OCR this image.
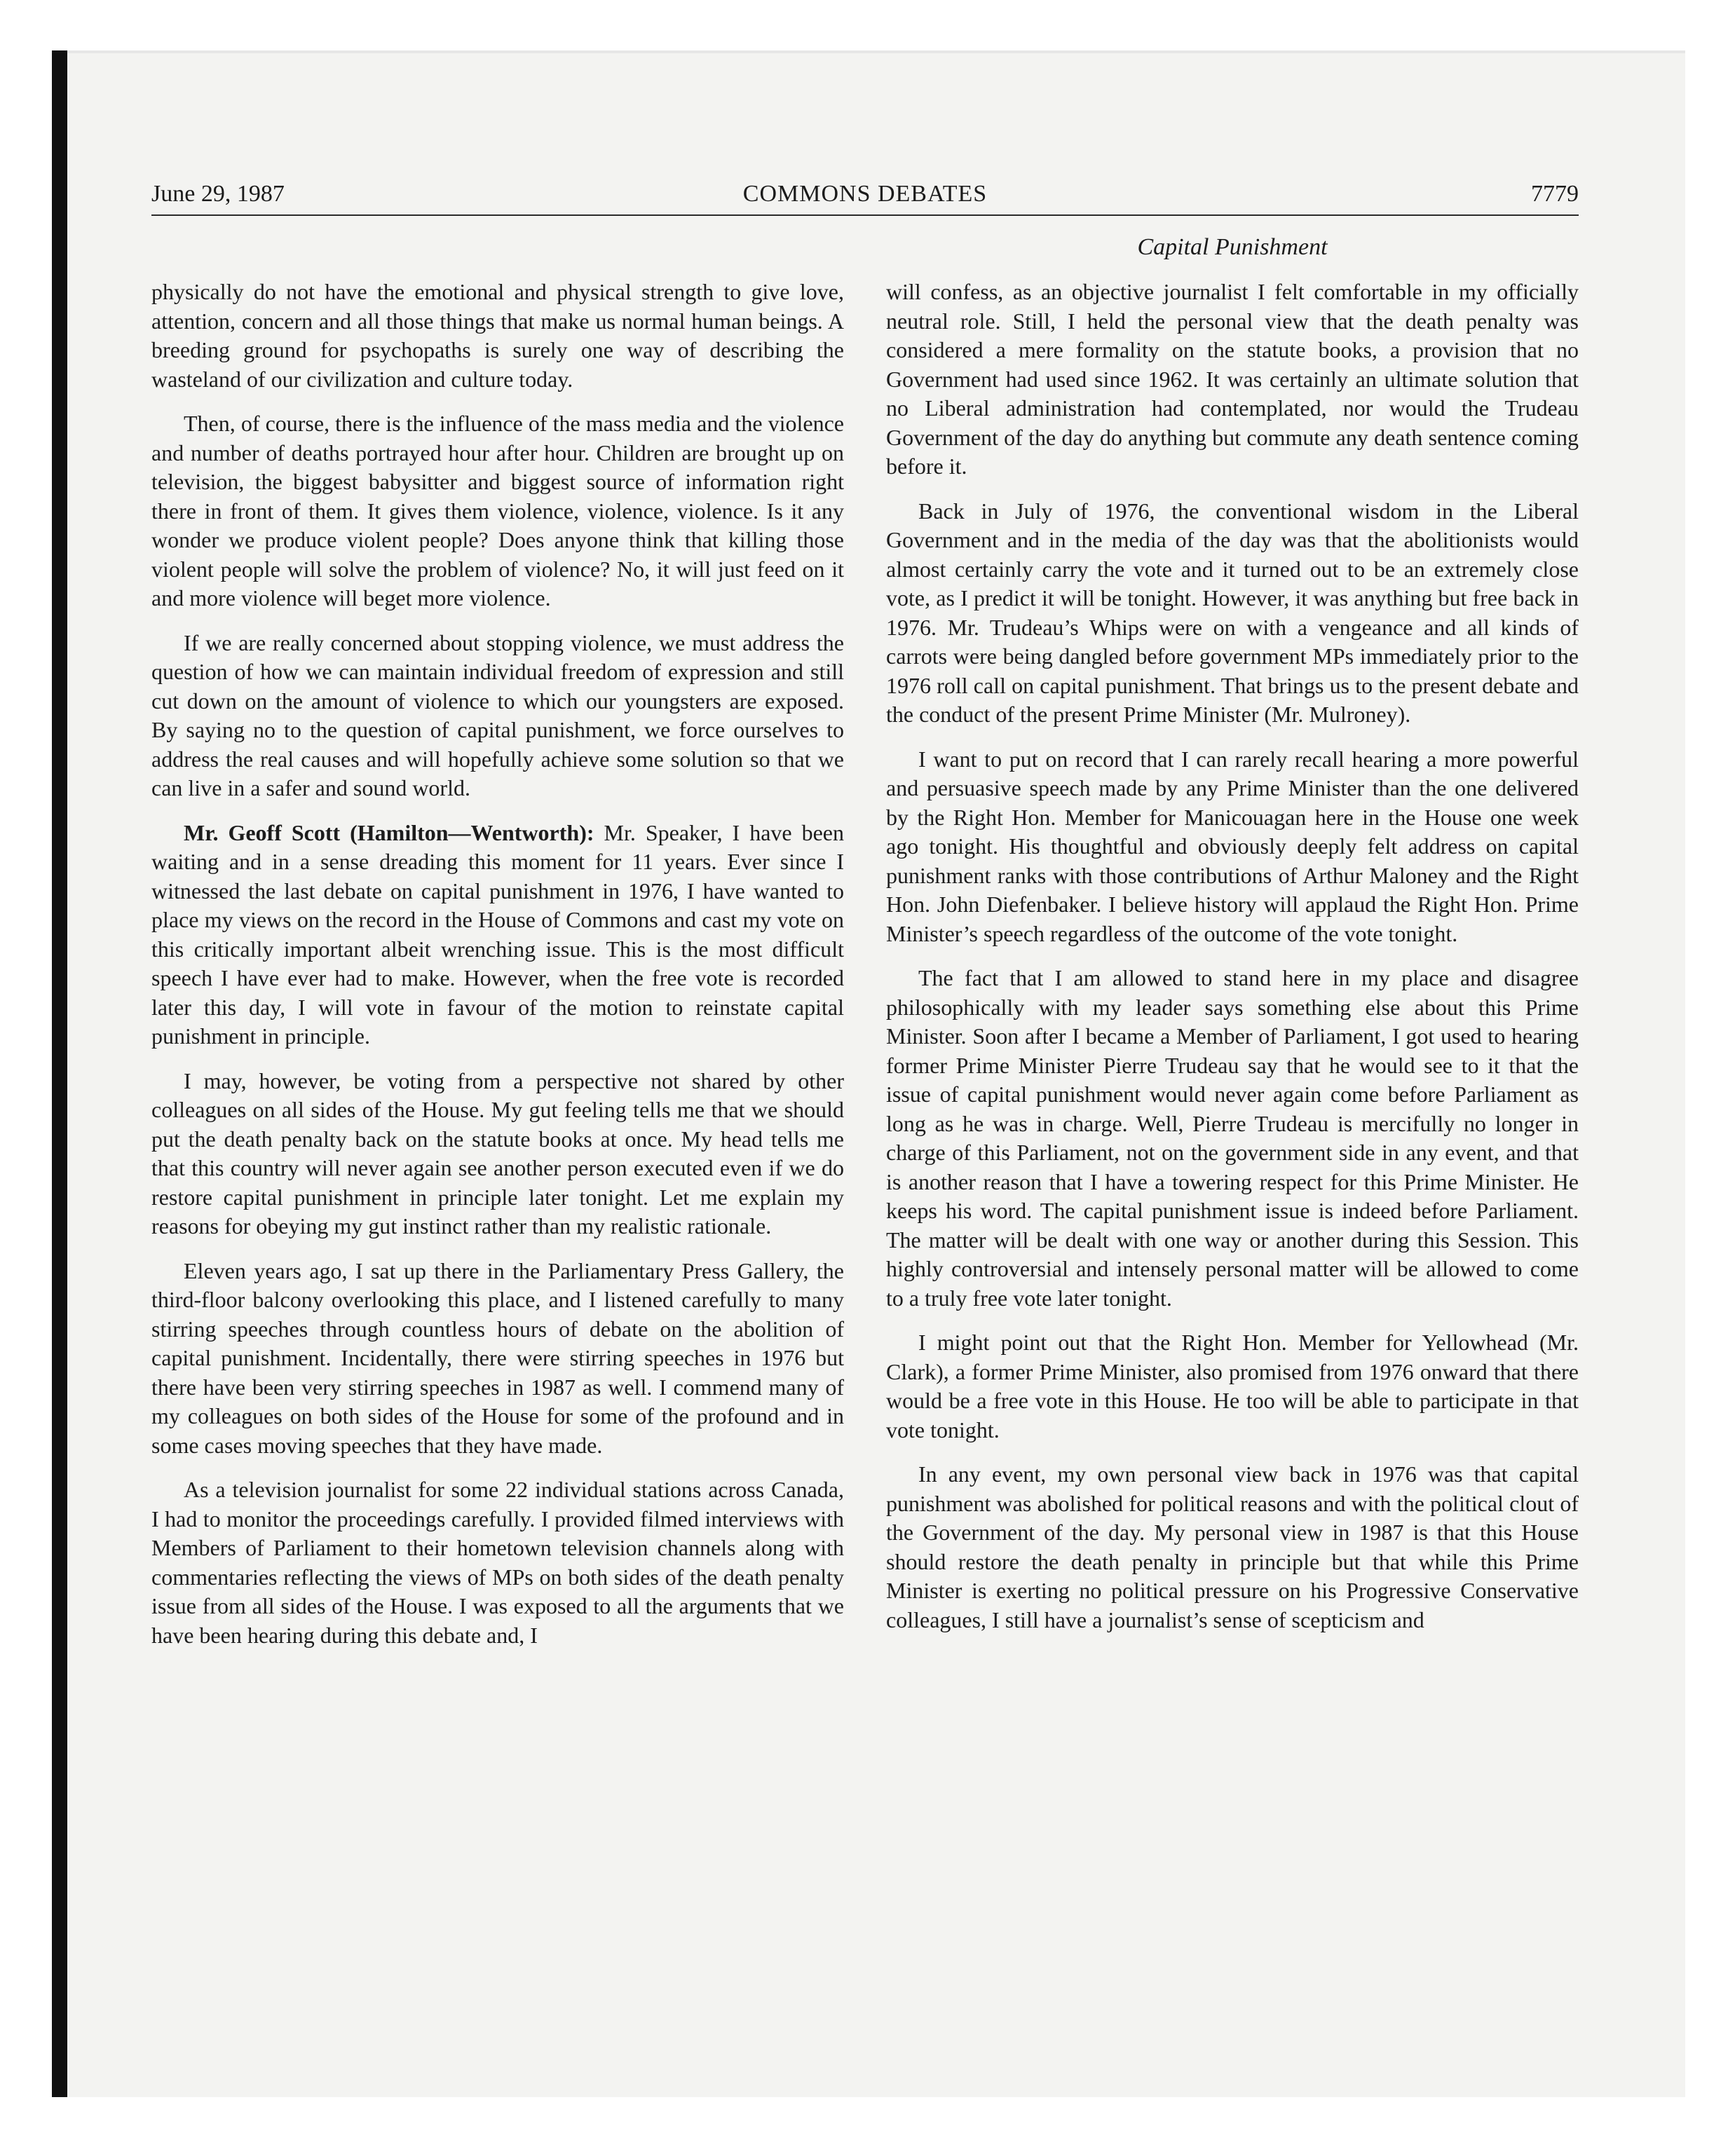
COMMONS DEBATES
June 29, 1987	7779
Capital Punishment

physically do not have the emotional and physical strength to give love, attention, concern and all those things that make us normal human beings. A breeding ground for psychopaths is surely one way of describing the wasteland of our civilization and culture today.

Then, of course, there is the influence of the mass media and the violence and number of deaths portrayed hour after hour. Children are brought up on television, the biggest babysitter and biggest source of information right there in front of them. It gives them violence, violence, violence. Is it any wonder we produce violent people? Does anyone think that killing those violent people will solve the problem of violence? No, it will just feed on it and more violence will beget more violence.

If we are really concerned about stopping violence, we must address the question of how we can maintain individual freedom of expression and still cut down on the amount of violence to which our youngsters are exposed. By saying no to the question of capital punishment, we force ourselves to address the real causes and will hopefully achieve some solution so that we can live in a safer and sound world.

Mr. Geoff Scott (Hamilton—Wentworth): Mr. Speaker, I have been waiting and in a sense dreading this moment for 11 years. Ever since I witnessed the last debate on capital punishment in 1976, I have wanted to place my views on the record in the House of Commons and cast my vote on this critically important albeit wrenching issue. This is the most difficult speech I have ever had to make. However, when the free vote is recorded later this day, I will vote in favour of the motion to reinstate capital punishment in principle.

I may, however, be voting from a perspective not shared by other colleagues on all sides of the House. My gut feeling tells me that we should put the death penalty back on the statute books at once. My head tells me that this country will never again see another person executed even if we do restore capital punishment in principle later tonight. Let me explain my reasons for obeying my gut instinct rather than my realistic rationale.

Eleven years ago, I sat up there in the Parliamentary Press Gallery, the third-floor balcony overlooking this place, and I listened carefully to many stirring speeches through countless hours of debate on the abolition of capital punishment. Incidentally, there were stirring speeches in 1976 but there have been very stirring speeches in 1987 as well. I commend many of my colleagues on both sides of the House for some of the profound and in some cases moving speeches that they have made.

As a television journalist for some 22 individual stations across Canada, I had to monitor the proceedings carefully. I provided filmed interviews with Members of Parliament to their hometown television channels along with commentaries reflecting the views of MPs on both sides of the death penalty issue from all sides of the House. I was exposed to all the arguments that we have been hearing during this debate and, I

will confess, as an objective journalist I felt comfortable in my officially neutral role. Still, I held the personal view that the death penalty was considered a mere formality on the statute books, a provision that no Government had used since 1962. It was certainly an ultimate solution that no Liberal administration had contemplated, nor would the Trudeau Government of the day do anything but commute any death sentence coming before it.

Back in July of 1976, the conventional wisdom in the Liberal Government and in the media of the day was that the abolitionists would almost certainly carry the vote and it turned out to be an extremely close vote, as I predict it will be tonight. However, it was anything but free back in 1976. Mr. Trudeau’s Whips were on with a vengeance and all kinds of carrots were being dangled before government MPs immediately prior to the 1976 roll call on capital punishment. That brings us to the present debate and the conduct of the present Prime Minister (Mr. Mulroney).

I want to put on record that I can rarely recall hearing a more powerful and persuasive speech made by any Prime Minister than the one delivered by the Right Hon. Member for Manicouagan here in the House one week ago tonight. His thoughtful and obviously deeply felt address on capital punishment ranks with those contributions of Arthur Maloney and the Right Hon. John Diefenbaker. I believe history will applaud the Right Hon. Prime Minister’s speech regardless of the outcome of the vote tonight.

The fact that I am allowed to stand here in my place and disagree philosophically with my leader says something else about this Prime Minister. Soon after I became a Member of Parliament, I got used to hearing former Prime Minister Pierre Trudeau say that he would see to it that the issue of capital punishment would never again come before Parliament as long as he was in charge. Well, Pierre Trudeau is mercifully no longer in charge of this Parliament, not on the government side in any event, and that is another reason that I have a towering respect for this Prime Minister. He keeps his word. The capital punishment issue is indeed before Parliament. The matter will be dealt with one way or another during this Session. This highly controversial and intensely personal matter will be allowed to come to a truly free vote later tonight.

I might point out that the Right Hon. Member for Yellowhead (Mr. Clark), a former Prime Minister, also promised from 1976 onward that there would be a free vote in this House. He too will be able to participate in that vote tonight.

In any event, my own personal view back in 1976 was that capital punishment was abolished for political reasons and with the political clout of the Government of the day. My personal view in 1987 is that this House should restore the death penalty in principle but that while this Prime Minister is exerting no political pressure on his Progressive Conservative colleagues, I still have a journalist’s sense of scepticism and
